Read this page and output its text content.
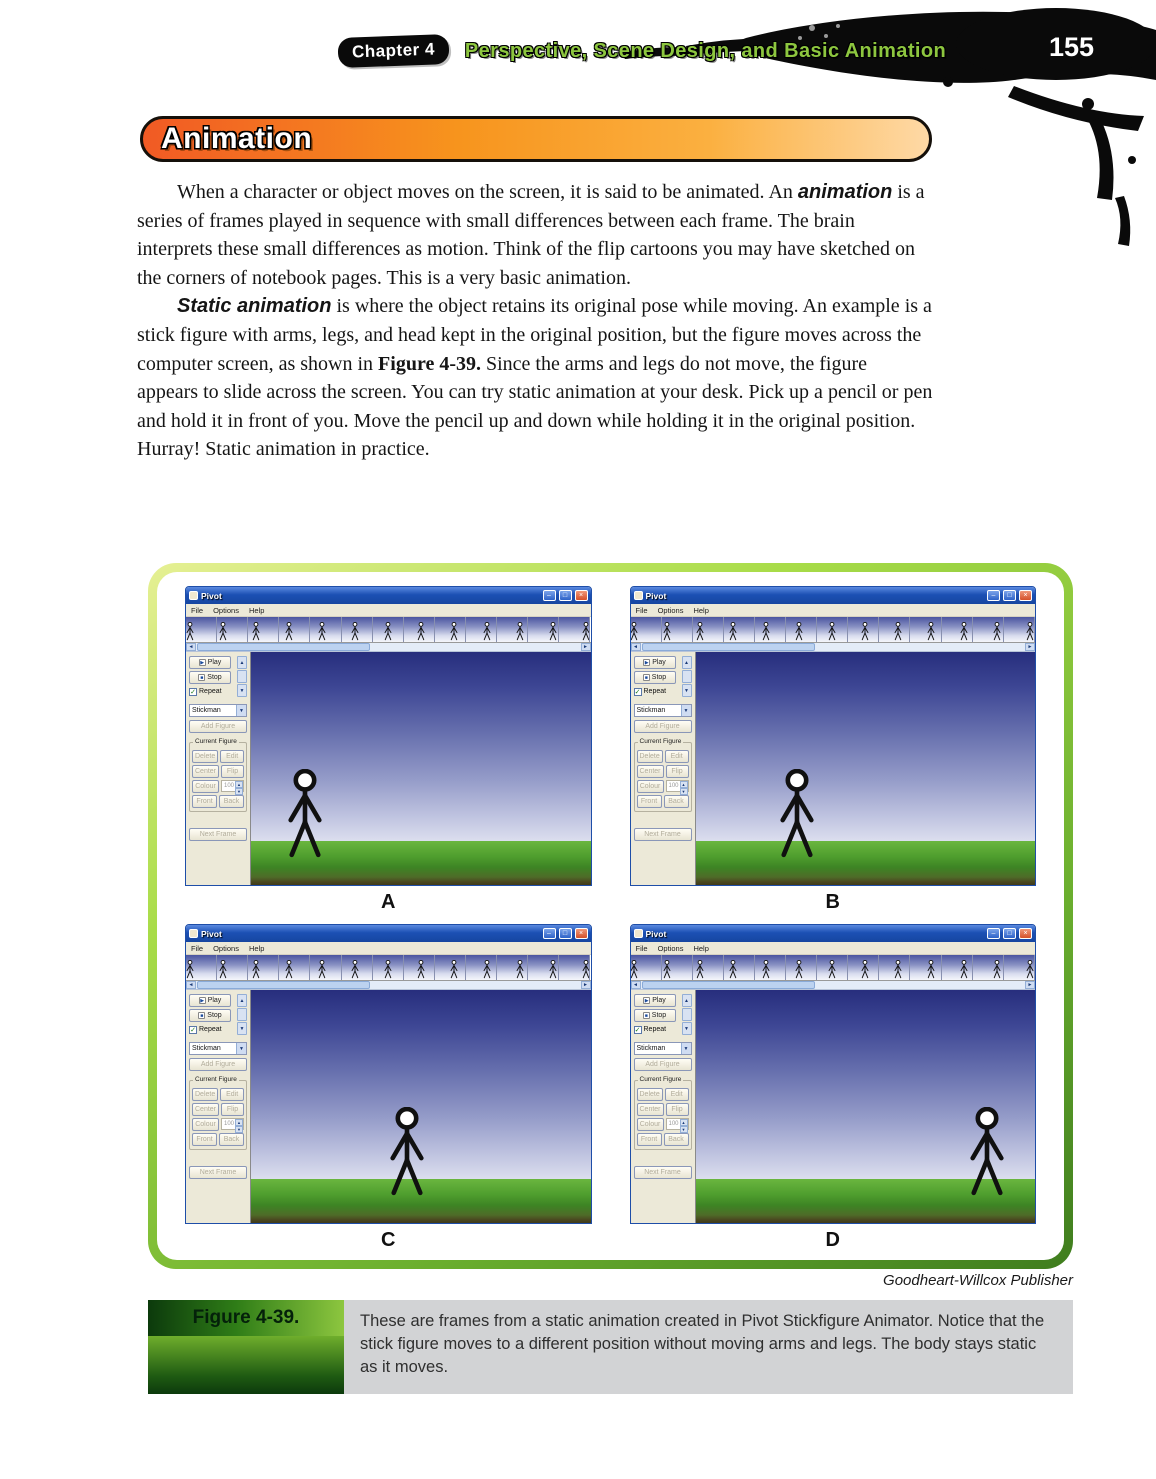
155
Chapter 4	Perspective, Scene Design, and Basic Animation
Animation

When a character or object moves on the screen, it is said to be animated. An animation is a series of frames played in sequence with small differences between each frame. The brain interprets these small differences as motion. Think of the flip cartoons you may have sketched on the corners of notebook pages. This is a very basic animation.

Static animation is where the object retains its original pose while moving. An example is a stick figure with arms, legs, and head kept in the original position, but the figure moves across the computer screen, as shown in Figure 4-39. Since the arms and legs do not move, the figure appears to slide across the screen. You can try static animation at your desk. Pick up a pencil or pen and hold it in front of you. Move the pencil up and down while holding it in the original position. Hurray! Static animation in practice.

Pivot	–	□	×
File	Options	Help
◄	►
▶ Play
■ Stop
✓ Repeat
▲
▼
Stickman	▼
Add Figure
Current Figure
Delete	Edit
Center	Flip
Colour	100 ▲
▼
Front	Back
Next Frame
A
Pivot	–	□	×
File	Options	Help
◄	►
▶ Play
■ Stop
✓ Repeat
▲
▼
Stickman	▼
Add Figure
Current Figure
Delete	Edit
Center	Flip
Colour	100 ▲
▼
Front	Back
Next Frame
B
Pivot	–	□	×
File	Options	Help
◄	►
▶ Play
■ Stop
✓ Repeat
▲
▼
Stickman	▼
Add Figure
Current Figure
Delete	Edit
Center	Flip
Colour	100 ▲
▼
Front	Back
Next Frame
C
Pivot	–	□	×
File	Options	Help
◄	►
▶ Play
■ Stop
✓ Repeat
▲
▼
Stickman	▼
Add Figure
Current Figure
Delete	Edit
Center	Flip
Colour	100 ▲
▼
Front	Back
Next Frame
D
Goodheart-Willcox Publisher
Figure 4-39.	These are frames from a static animation created in Pivot Stickfigure Animator. Notice that the stick figure moves to a different position without moving arms and legs. The body stays static as it moves.
